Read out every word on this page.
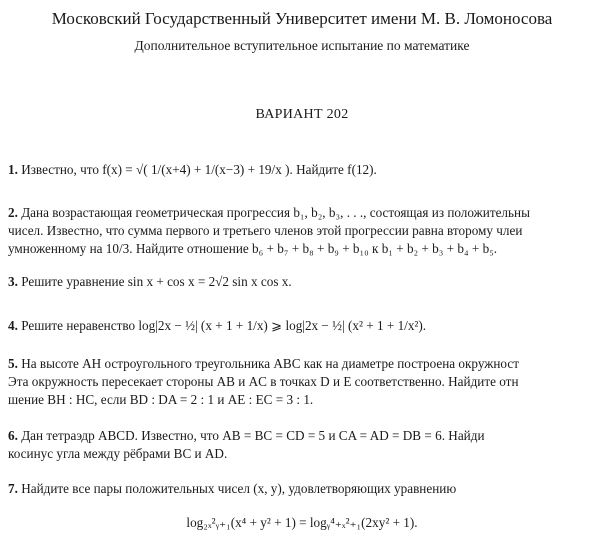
Московский Государственный Университет имени М. В. Ломоносова
Дополнительное вступительное испытание по математике
ВАРИАНТ 202
1. Известно, что f(x) = √( 1/(x+4) + 1/(x−3) + 19/x ). Найдите f(12).
2. Дана возрастающая геометрическая прогрессия b₁, b₂, b₃, . . ., состоящая из положительны
чисел. Известно, что сумма первого и третьего членов этой прогрессии равна второму члеи
умноженному на 10/3. Найдите отношение b₆ + b₇ + b₈ + b₉ + b₁₀ к b₁ + b₂ + b₃ + b₄ + b₅.
3. Решите уравнение sin x + cos x = 2√2 sin x cos x.
4. Решите неравенство log|2x − ½| (x + 1 + 1/x) ⩾ log|2x − ½| (x² + 1 + 1/x²).
5. На высоте AH остроугольного треугольника ABC как на диаметре построена окружност
Эта окружность пересекает стороны AB и AC в точках D и E соответственно. Найдите отн
шение BH : HC, если BD : DA = 2 : 1 и AE : EC = 3 : 1.
6. Дан тетраэдр ABCD. Известно, что AB = BC = CD = 5 и CA = AD = DB = 6. Найди
косинус угла между рёбрами BC и AD.
7. Найдите все пары положительных чисел (x, y), удовлетворяющих уравнению
log₂ₓ²ᵧ₊₁(x⁴ + y² + 1) = logᵧ⁴₊ₓ²₊₁(2xy² + 1).
